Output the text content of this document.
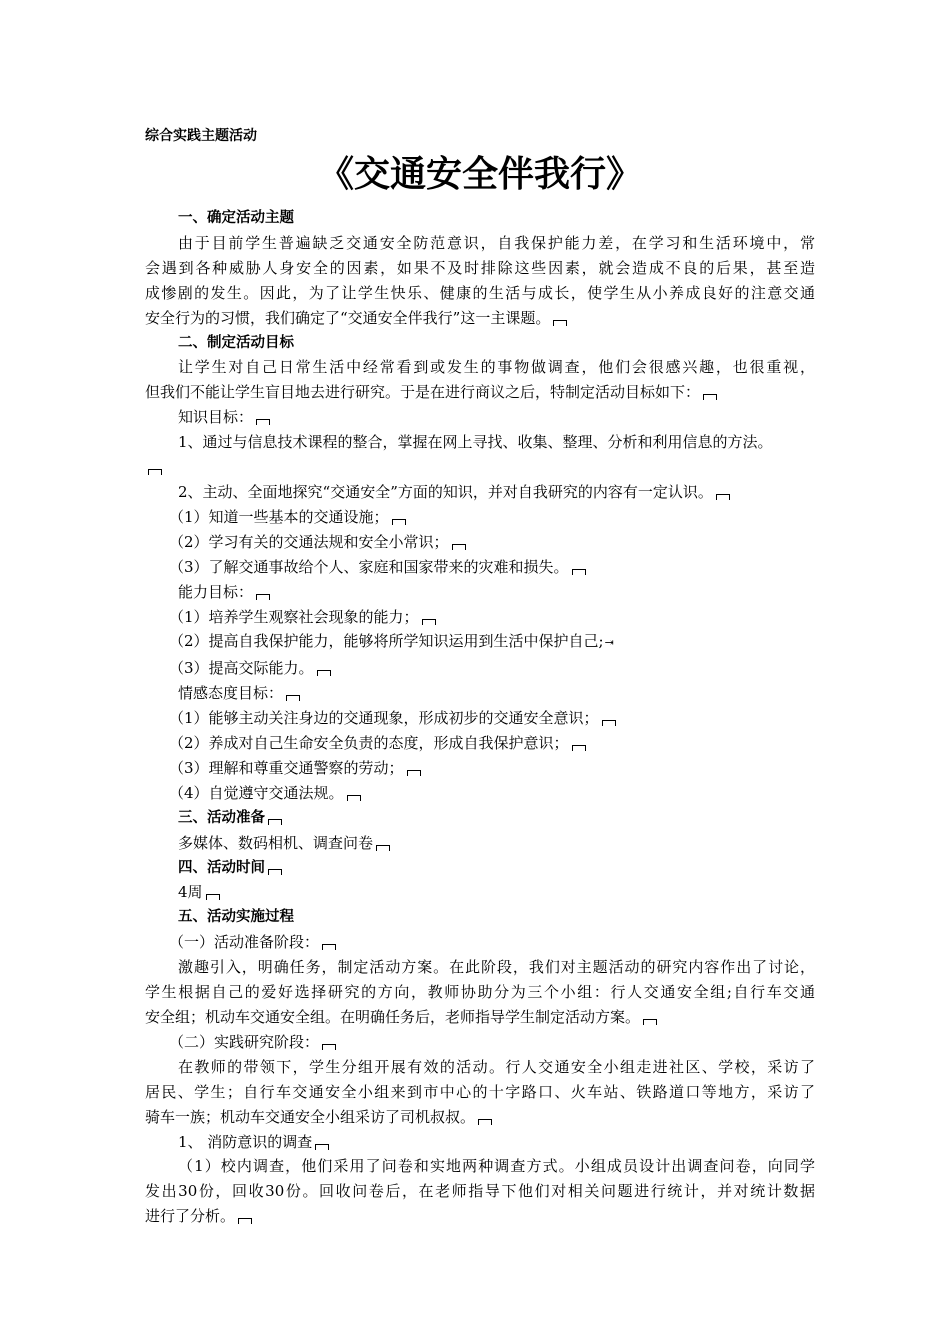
综合实践主题活动
《交通安全伴我行》
一、确定活动主题
由于目前学生普遍缺乏交通安全防范意识，自我保护能力差，在学习和生活环境中，常
会遇到各种威胁人身安全的因素，如果不及时排除这些因素，就会造成不良的后果，甚至造
成惨剧的发生。因此，为了让学生快乐、健康的生活与成长，使学生从小养成良好的注意交通
安全行为的习惯，我们确定了“交通安全伴我行”这一主课题。
二、制定活动目标
让学生对自己日常生活中经常看到或发生的事物做调查，他们会很感兴趣，也很重视，
但我们不能让学生盲目地去进行研究。于是在进行商议之后，特制定活动目标如下：
知识目标：
1、通过与信息技术课程的整合，掌握在网上寻找、收集、整理、分析和利用信息的方法。
2、主动、全面地探究“交通安全”方面的知识，并对自我研究的内容有一定认识。
（1）知道一些基本的交通设施；
（2）学习有关的交通法规和安全小常识；
（3）了解交通事故给个人、家庭和国家带来的灾难和损失。
能力目标：
（1）培养学生观察社会现象的能力；
（2）提高自我保护能力，能够将所学知识运用到生活中保护自己;⇥
（3）提高交际能力。
情感态度目标：
（1）能够主动关注身边的交通现象，形成初步的交通安全意识；
（2）养成对自己生命安全负责的态度，形成自我保护意识；
（3）理解和尊重交通警察的劳动；
（4）自觉遵守交通法规。
三、活动准备
多媒体、数码相机、调查问卷
四、活动时间
4周
五、活动实施过程
（一）活动准备阶段：
激趣引入，明确任务，制定活动方案。在此阶段，我们对主题活动的研究内容作出了讨论，
学生根据自己的爱好选择研究的方向，教师协助分为三个小组：行人交通安全组;自行车交通
安全组；机动车交通安全组。在明确任务后，老师指导学生制定活动方案。
（二）实践研究阶段：
在教师的带领下，学生分组开展有效的活动。行人交通安全小组走进社区、学校，采访了
居民、学生；自行车交通安全小组来到市中心的十字路口、火车站、铁路道口等地方，采访了
骑车一族；机动车交通安全小组采访了司机叔叔。
1、 消防意识的调查
（1）校内调查，他们采用了问卷和实地两种调查方式。小组成员设计出调查问卷，向同学
发出30份，回收30份。回收问卷后，在老师指导下他们对相关问题进行统计，并对统计数据
进行了分析。
